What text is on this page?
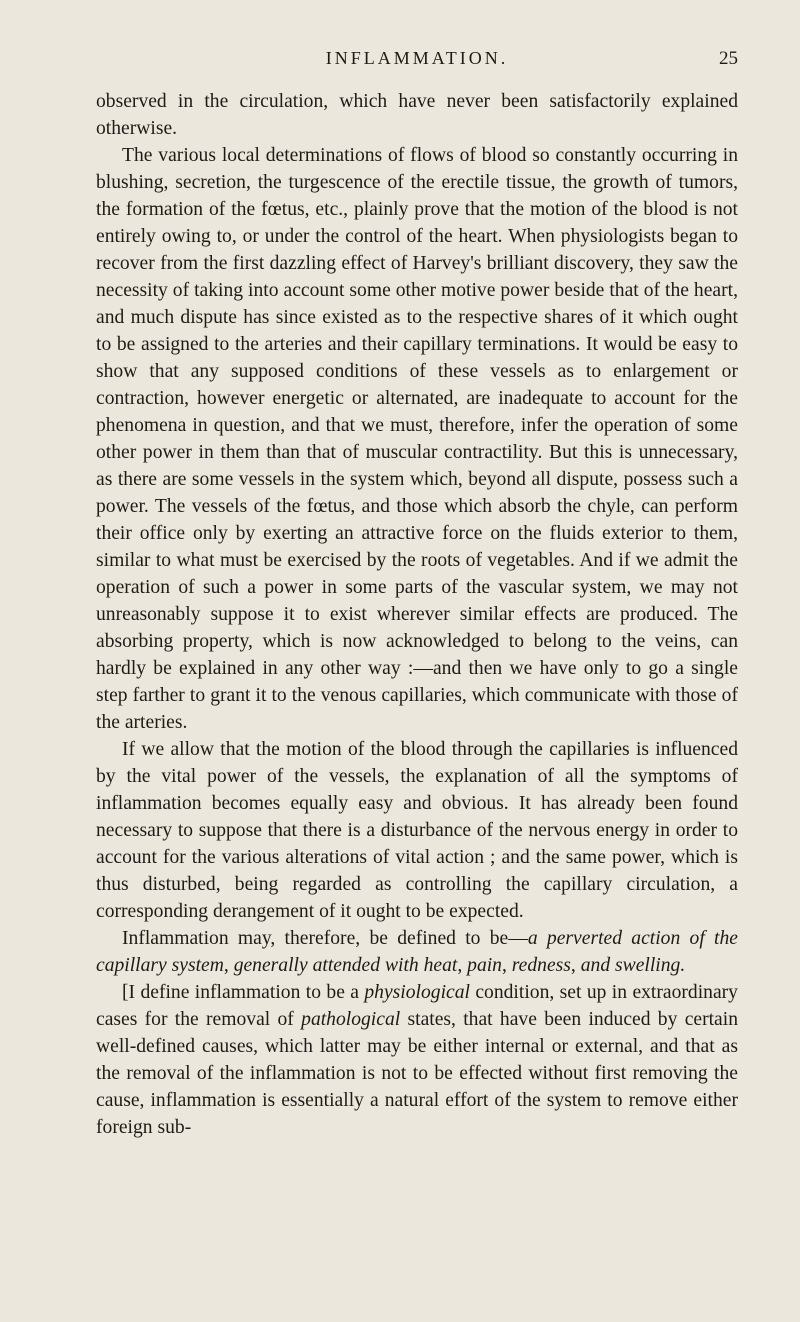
INFLAMMATION.	25

observed in the circulation, which have never been satisfactorily explained otherwise.

The various local determinations of flows of blood so constantly occurring in blushing, secretion, the turgescence of the erectile tissue, the growth of tumors, the formation of the fœtus, etc., plainly prove that the motion of the blood is not entirely owing to, or under the control of the heart. When physiologists began to recover from the first dazzling effect of Harvey's brilliant discovery, they saw the necessity of taking into account some other motive power beside that of the heart, and much dispute has since existed as to the respective shares of it which ought to be assigned to the arteries and their capillary terminations. It would be easy to show that any supposed conditions of these vessels as to enlargement or contraction, however energetic or alternated, are inadequate to account for the phenomena in question, and that we must, therefore, infer the operation of some other power in them than that of muscular contractility. But this is unnecessary, as there are some vessels in the system which, beyond all dispute, possess such a power. The vessels of the fœtus, and those which absorb the chyle, can perform their office only by exerting an attractive force on the fluids exterior to them, similar to what must be exercised by the roots of vegetables. And if we admit the operation of such a power in some parts of the vascular system, we may not unreasonably suppose it to exist wherever similar effects are produced. The absorbing property, which is now acknowledged to belong to the veins, can hardly be explained in any other way :—and then we have only to go a single step farther to grant it to the venous capillaries, which communicate with those of the arteries.

If we allow that the motion of the blood through the capillaries is influenced by the vital power of the vessels, the explanation of all the symptoms of inflammation becomes equally easy and obvious. It has already been found necessary to suppose that there is a disturbance of the nervous energy in order to account for the various alterations of vital action ; and the same power, which is thus disturbed, being regarded as controlling the capillary circulation, a corresponding derangement of it ought to be expected.

Inflammation may, therefore, be defined to be—a perverted action of the capillary system, generally attended with heat, pain, redness, and swelling.

[I define inflammation to be a physiological condition, set up in extraordinary cases for the removal of pathological states, that have been induced by certain well-defined causes, which latter may be either internal or external, and that as the removal of the inflammation is not to be effected without first removing the cause, inflammation is essentially a natural effort of the system to remove either foreign sub-
